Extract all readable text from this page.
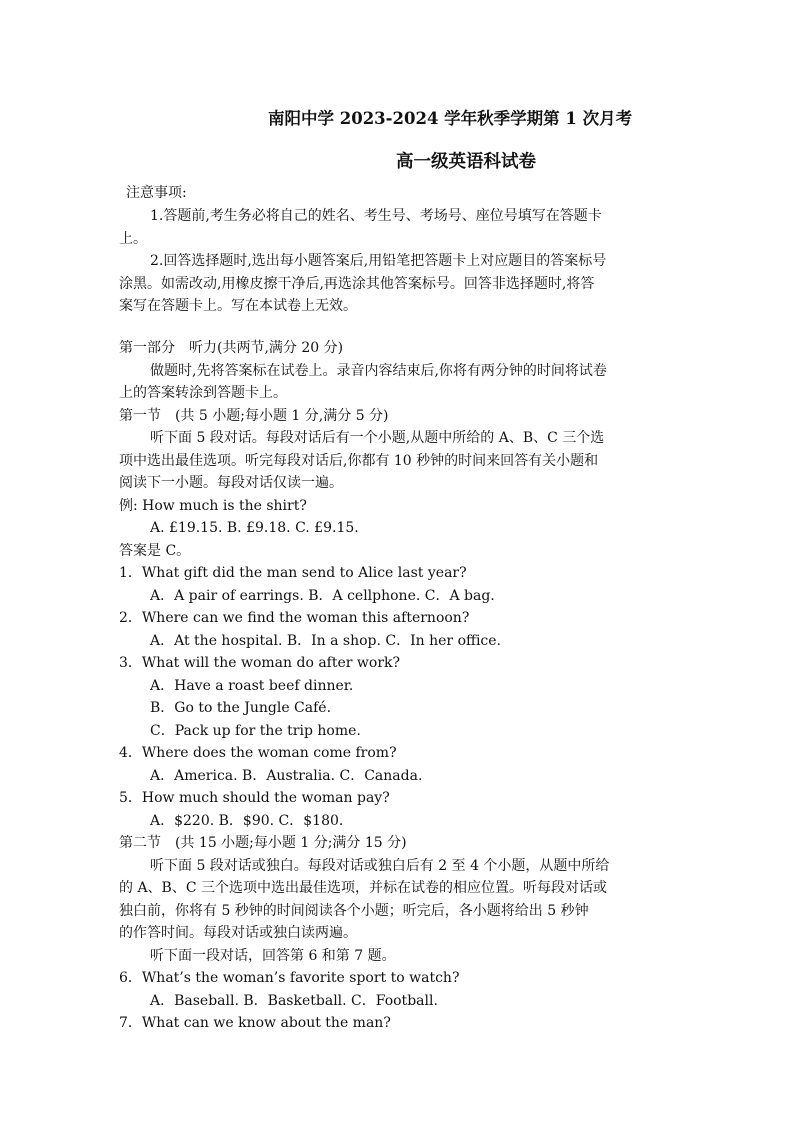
南阳中学 2023-2024 学年秋季学期第 1 次月考
高一级英语科试卷
注意事项:
1.答题前,考生务必将自己的姓名、考生号、考场号、座位号填写在答题卡
上。
2.回答选择题时,选出每小题答案后,用铅笔把答题卡上对应题目的答案标号
涂黑。如需改动,用橡皮擦干净后,再选涂其他答案标号。回答非选择题时,将答
案写在答题卡上。写在本试卷上无效。
第一部分　听力(共两节,满分 20 分)
做题时,先将答案标在试卷上。录音内容结束后,你将有两分钟的时间将试卷
上的答案转涂到答题卡上。
第一节　(共 5 小题;每小题 1 分,满分 5 分)
听下面 5 段对话。每段对话后有一个小题,从题中所给的 A、B、C 三个选
项中选出最佳选项。听完每段对话后,你都有 10 秒钟的时间来回答有关小题和
阅读下一小题。每段对话仅读一遍。
例: How much is the shirt?
A. £19.15. B. £9.18. C. £9.15.
答案是 C。
1．What gift did the man send to Alice last year?
A．A pair of earrings. B．A cellphone. C．A bag.
2．Where can we find the woman this afternoon?
A．At the hospital. B．In a shop. C．In her office.
3．What will the woman do after work?
A．Have a roast beef dinner.
B．Go to the Jungle Café.
C．Pack up for the trip home.
4．Where does the woman come from?
A．America. B．Australia. C．Canada.
5．How much should the woman pay?
A．$220. B．$90. C．$180.
第二节　(共 15 小题;每小题 1 分;满分 15 分)
听下面 5 段对话或独白。每段对话或独白后有 2 至 4 个小题，从题中所给
的 A、B、C 三个选项中选出最佳选项，并标在试卷的相应位置。听每段对话或
独白前，你将有 5 秒钟的时间阅读各个小题；听完后，各小题将给出 5 秒钟
的作答时间。每段对话或独白读两遍。
听下面一段对话，回答第 6 和第 7 题。
6．What’s the woman’s favorite sport to watch?
A．Baseball. B．Basketball. C．Football.
7．What can we know about the man?
